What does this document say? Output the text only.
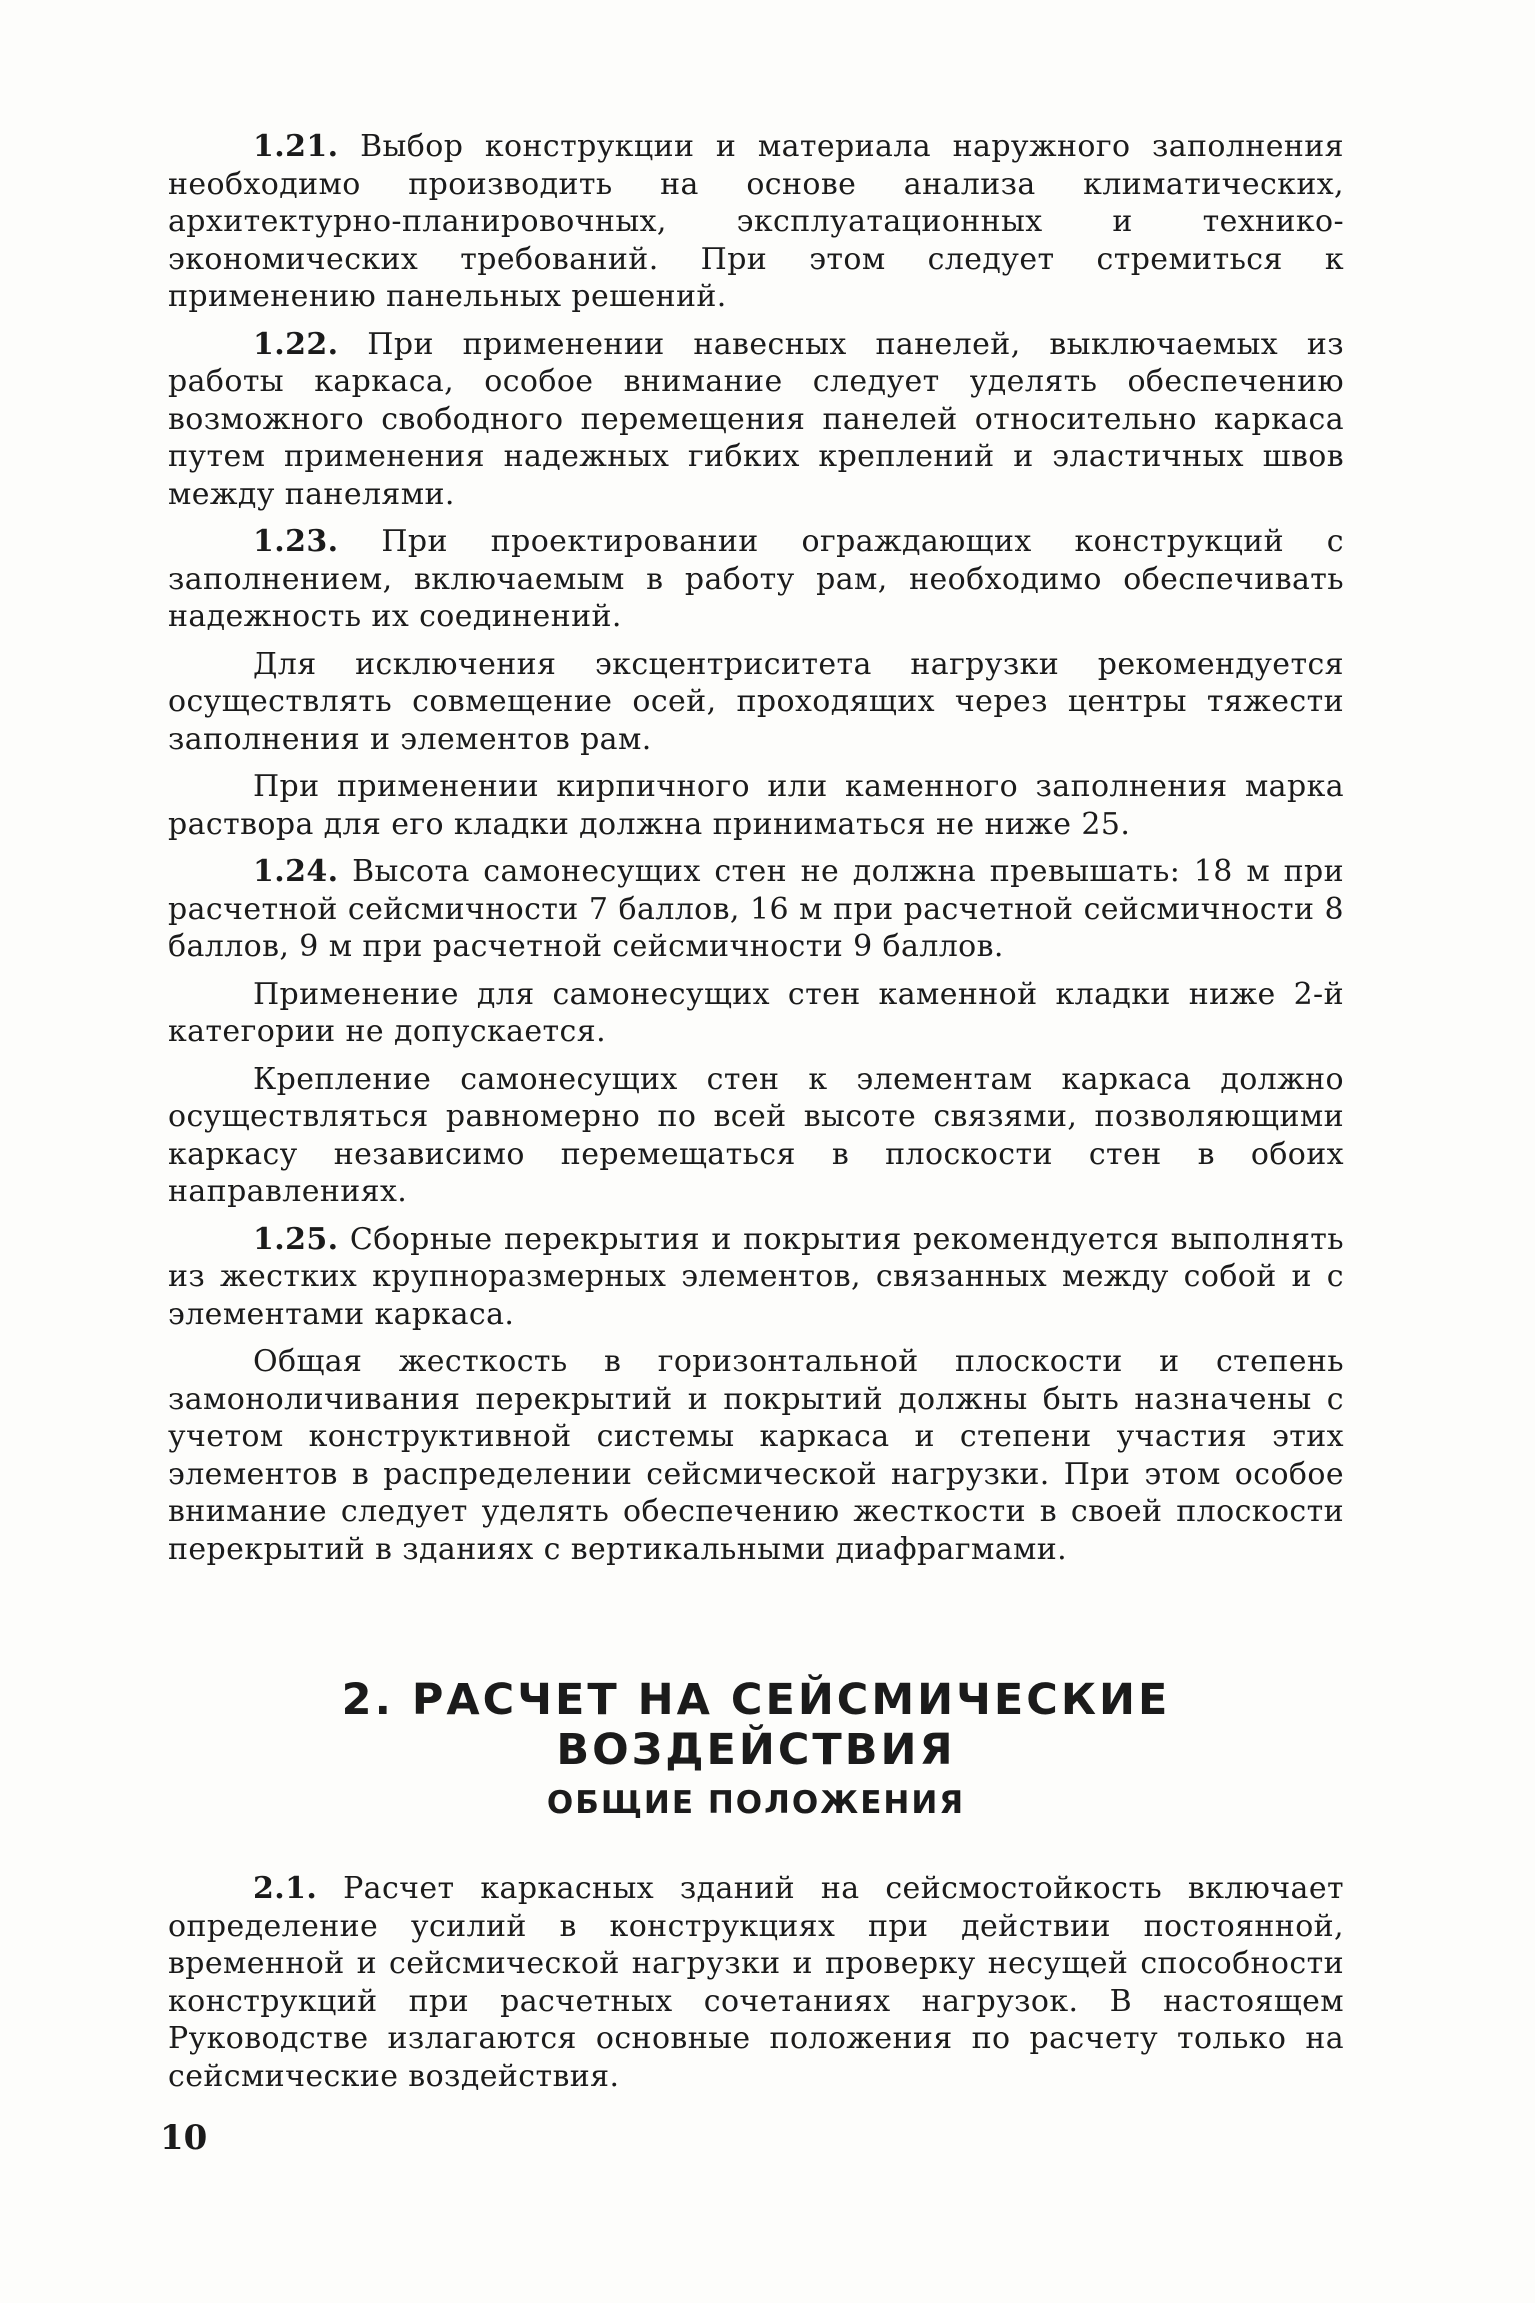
1.21. Выбор конструкции и материала наружного заполнения необходимо производить на основе анализа климатических, архитектурно-планировочных, эксплуатационных и технико-экономических требований. При этом следует стремиться к применению панельных решений.

1.22. При применении навесных панелей, выключаемых из работы каркаса, особое внимание следует уделять обеспечению возможного свободного перемещения панелей относительно каркаса путем применения надежных гибких креплений и эластичных швов между панелями.

1.23. При проектировании ограждающих конструкций с заполнением, включаемым в работу рам, необходимо обеспечивать надежность их соединений.

Для исключения эксцентриситета нагрузки рекомендуется осуществлять совмещение осей, проходящих через центры тяжести заполнения и элементов рам.

При применении кирпичного или каменного заполнения марка раствора для его кладки должна приниматься не ниже 25.

1.24. Высота самонесущих стен не должна превышать: 18 м при расчетной сейсмичности 7 баллов, 16 м при расчетной сейсмичности 8 баллов, 9 м при расчетной сейсмичности 9 баллов.

Применение для самонесущих стен каменной кладки ниже 2-й категории не допускается.

Крепление самонесущих стен к элементам каркаса должно осуществляться равномерно по всей высоте связями, позволяющими каркасу независимо перемещаться в плоскости стен в обоих направлениях.

1.25. Сборные перекрытия и покрытия рекомендуется выполнять из жестких крупноразмерных элементов, связанных между собой и с элементами каркаса.

Общая жесткость в горизонтальной плоскости и степень замоноличивания перекрытий и покрытий должны быть назначены с учетом конструктивной системы каркаса и степени участия этих элементов в распределении сейсмической нагрузки. При этом особое внимание следует уделять обеспечению жесткости в своей плоскости перекрытий в зданиях с вертикальными диафрагмами.

2. РАСЧЕТ НА СЕЙСМИЧЕСКИЕ ВОЗДЕЙСТВИЯ
ОБЩИЕ ПОЛОЖЕНИЯ

2.1. Расчет каркасных зданий на сейсмостойкость включает определение усилий в конструкциях при действии постоянной, временной и сейсмической нагрузки и проверку несущей способности конструкций при расчетных сочетаниях нагрузок. В настоящем Руководстве излагаются основные положения по расчету только на сейсмические воздействия.

10
